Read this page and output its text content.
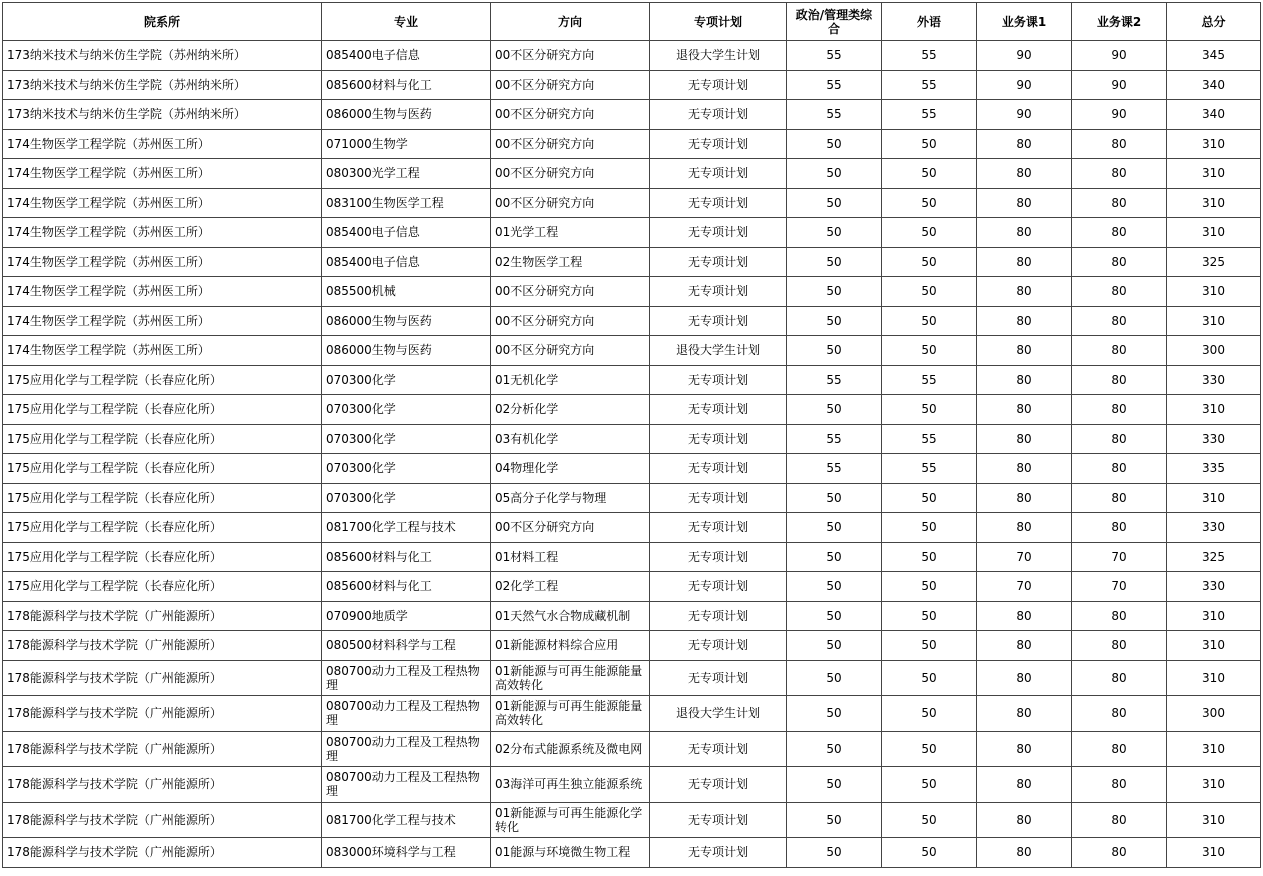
院系所	专业	方向	专项计划	政治/管理类综合	外语	业务课1	业务课2	总分
173纳米技术与纳米仿生学院（苏州纳米所）	085400电子信息	00不区分研究方向	退役大学生计划	55	55	90	90	345
173纳米技术与纳米仿生学院（苏州纳米所）	085600材料与化工	00不区分研究方向	无专项计划	55	55	90	90	340
173纳米技术与纳米仿生学院（苏州纳米所）	086000生物与医药	00不区分研究方向	无专项计划	55	55	90	90	340
174生物医学工程学院（苏州医工所）	071000生物学	00不区分研究方向	无专项计划	50	50	80	80	310
174生物医学工程学院（苏州医工所）	080300光学工程	00不区分研究方向	无专项计划	50	50	80	80	310
174生物医学工程学院（苏州医工所）	083100生物医学工程	00不区分研究方向	无专项计划	50	50	80	80	310
174生物医学工程学院（苏州医工所）	085400电子信息	01光学工程	无专项计划	50	50	80	80	310
174生物医学工程学院（苏州医工所）	085400电子信息	02生物医学工程	无专项计划	50	50	80	80	325
174生物医学工程学院（苏州医工所）	085500机械	00不区分研究方向	无专项计划	50	50	80	80	310
174生物医学工程学院（苏州医工所）	086000生物与医药	00不区分研究方向	无专项计划	50	50	80	80	310
174生物医学工程学院（苏州医工所）	086000生物与医药	00不区分研究方向	退役大学生计划	50	50	80	80	300
175应用化学与工程学院（长春应化所）	070300化学	01无机化学	无专项计划	55	55	80	80	330
175应用化学与工程学院（长春应化所）	070300化学	02分析化学	无专项计划	50	50	80	80	310
175应用化学与工程学院（长春应化所）	070300化学	03有机化学	无专项计划	55	55	80	80	330
175应用化学与工程学院（长春应化所）	070300化学	04物理化学	无专项计划	55	55	80	80	335
175应用化学与工程学院（长春应化所）	070300化学	05高分子化学与物理	无专项计划	50	50	80	80	310
175应用化学与工程学院（长春应化所）	081700化学工程与技术	00不区分研究方向	无专项计划	50	50	80	80	330
175应用化学与工程学院（长春应化所）	085600材料与化工	01材料工程	无专项计划	50	50	70	70	325
175应用化学与工程学院（长春应化所）	085600材料与化工	02化学工程	无专项计划	50	50	70	70	330
178能源科学与技术学院（广州能源所）	070900地质学	01天然气水合物成藏机制	无专项计划	50	50	80	80	310
178能源科学与技术学院（广州能源所）	080500材料科学与工程	01新能源材料综合应用	无专项计划	50	50	80	80	310
178能源科学与技术学院（广州能源所）	080700动力工程及工程热物理	01新能源与可再生能源能量高效转化	无专项计划	50	50	80	80	310
178能源科学与技术学院（广州能源所）	080700动力工程及工程热物理	01新能源与可再生能源能量高效转化	退役大学生计划	50	50	80	80	300
178能源科学与技术学院（广州能源所）	080700动力工程及工程热物理	02分布式能源系统及微电网	无专项计划	50	50	80	80	310
178能源科学与技术学院（广州能源所）	080700动力工程及工程热物理	03海洋可再生独立能源系统	无专项计划	50	50	80	80	310
178能源科学与技术学院（广州能源所）	081700化学工程与技术	01新能源与可再生能源化学转化	无专项计划	50	50	80	80	310
178能源科学与技术学院（广州能源所）	083000环境科学与工程	01能源与环境微生物工程	无专项计划	50	50	80	80	310
